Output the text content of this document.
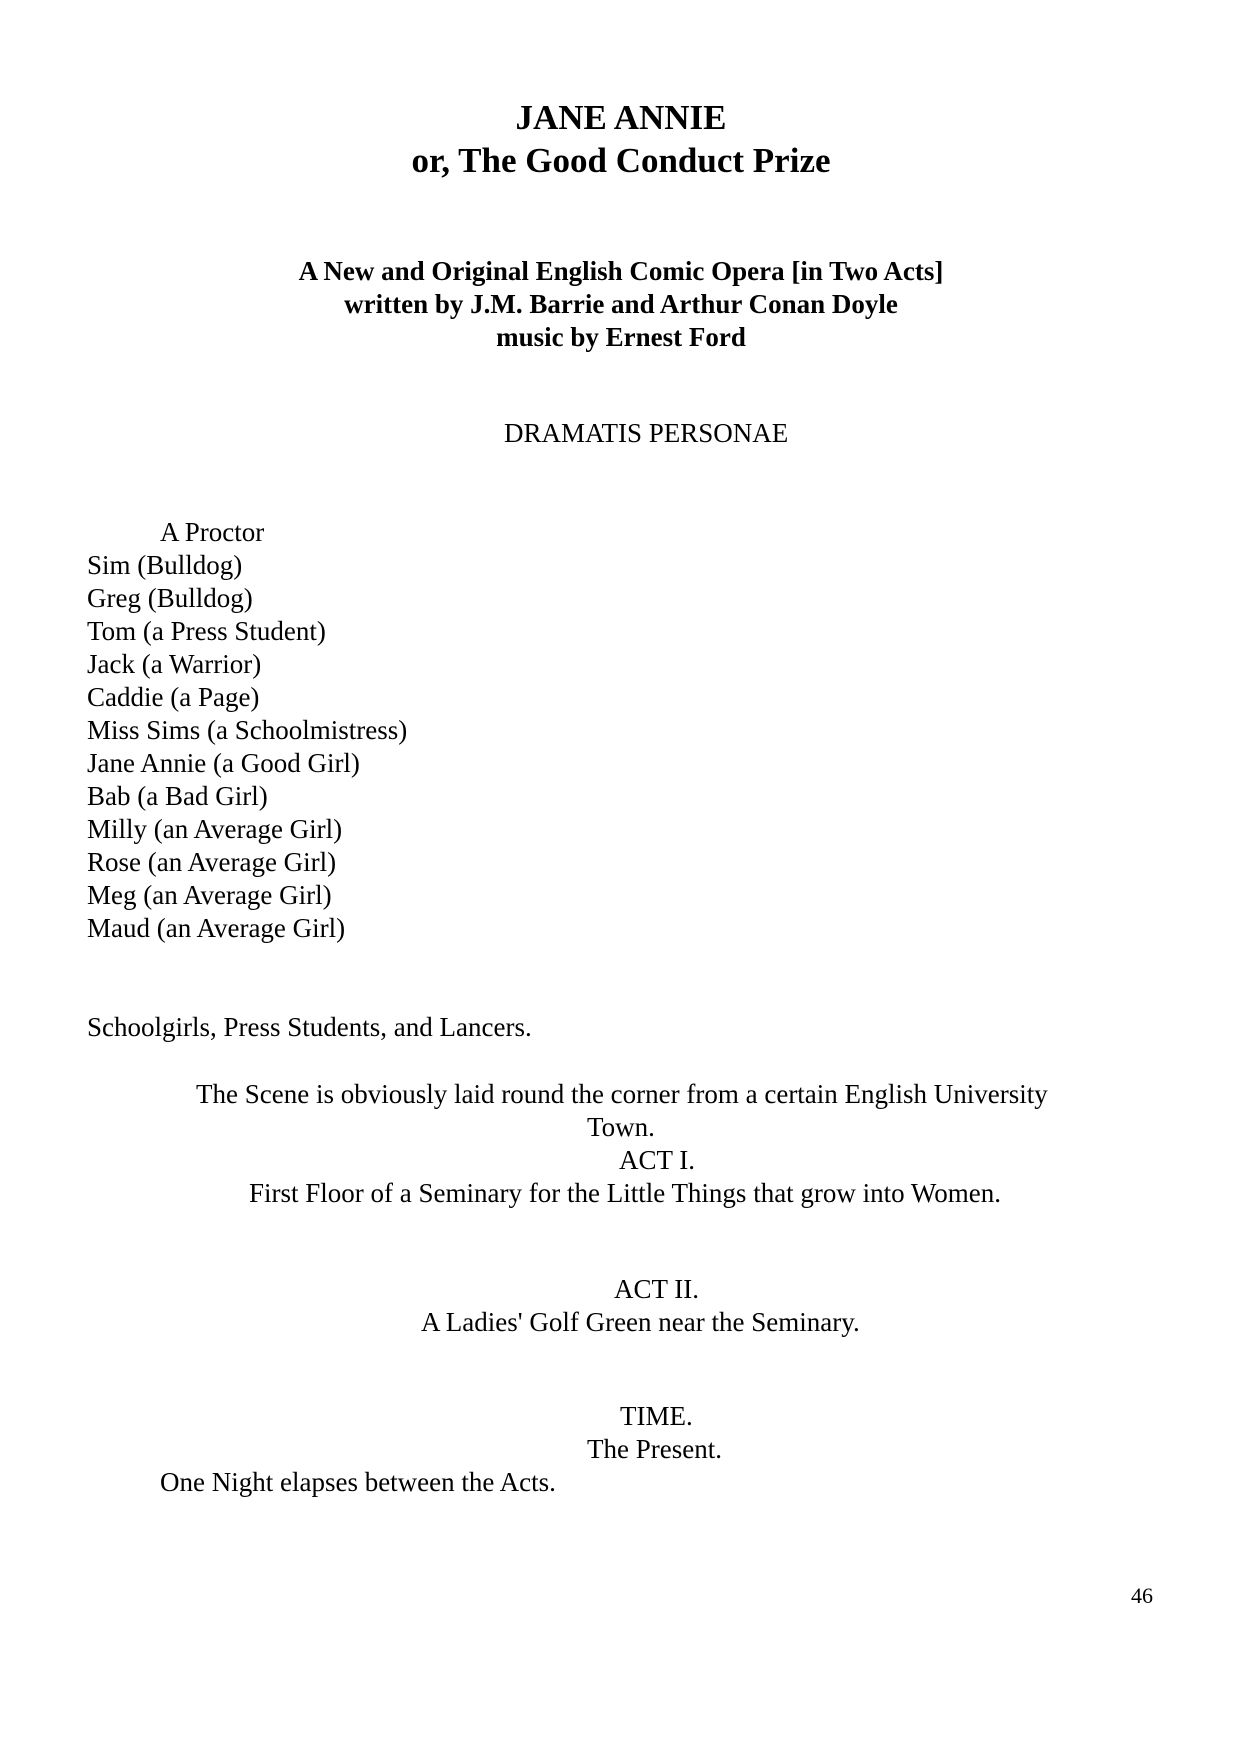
JANE ANNIE
or, The Good Conduct Prize
A New and Original English Comic Opera [in Two Acts]
written by J.M. Barrie and Arthur Conan Doyle
music by Ernest Ford
DRAMATIS PERSONAE
A Proctor
Sim (Bulldog)
Greg (Bulldog)
Tom (a Press Student)
Jack (a Warrior)
Caddie (a Page)
Miss Sims (a Schoolmistress)
Jane Annie (a Good Girl)
Bab (a Bad Girl)
Milly (an Average Girl)
Rose (an Average Girl)
Meg (an Average Girl)
Maud (an Average Girl)
Schoolgirls, Press Students, and Lancers.
The Scene is obviously laid round the corner from a certain English University
Town.
ACT I.
First Floor of a Seminary for the Little Things that grow into Women.
ACT II.
A Ladies' Golf Green near the Seminary.
TIME.
The Present.
One Night elapses between the Acts.
46
